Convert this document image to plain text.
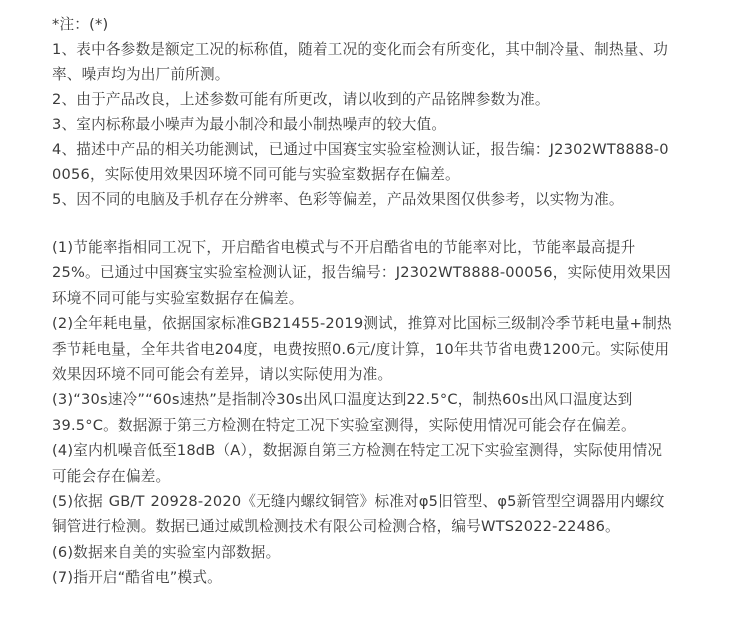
*注：(*)
1、表中各参数是额定工况的标称值，随着工况的变化而会有所变化，其中制冷量、制热量、功
率、噪声均为出厂前所测。
2、由于产品改良，上述参数可能有所更改，请以收到的产品铭牌参数为准。
3、室内标称最小噪声为最小制冷和最小制热噪声的较大值。
4、描述中产品的相关功能测试，已通过中国赛宝实验室检测认证，报告编：J2302WT8888-0
0056，实际使用效果因环境不同可能与实验室数据存在偏差。
5、因不同的电脑及手机存在分辨率、色彩等偏差，产品效果图仅供参考，以实物为准。
(1)节能率指相同工况下，开启酷省电模式与不开启酷省电的节能率对比，节能率最高提升
25%。已通过中国赛宝实验室检测认证，报告编号：J2302WT8888-00056，实际使用效果因
环境不同可能与实验室数据存在偏差。
(2)全年耗电量，依据国家标准GB21455-2019测试，推算对比国标三级制冷季节耗电量+制热
季节耗电量，全年共省电204度，电费按照0.6元/度计算，10年共节省电费1200元。实际使用
效果因环境不同可能会有差异，请以实际使用为准。
(3)“30s速冷”“60s速热”是指制冷30s出风口温度达到22.5°C，制热60s出风口温度达到
39.5°C。数据源于第三方检测在特定工况下实验室测得，实际使用情况可能会存在偏差。
(4)室内机噪音低至18dB（A），数据源自第三方检测在特定工况下实验室测得，实际使用情况
可能会存在偏差。
(5)依据 GB/T 20928-2020《无缝内螺纹铜管》标准对φ5旧管型、φ5新管型空调器用内螺纹
铜管进行检测。数据已通过威凯检测技术有限公司检测合格，编号WTS2022-22486。
(6)数据来自美的实验室内部数据。
(7)指开启“酷省电”模式。
